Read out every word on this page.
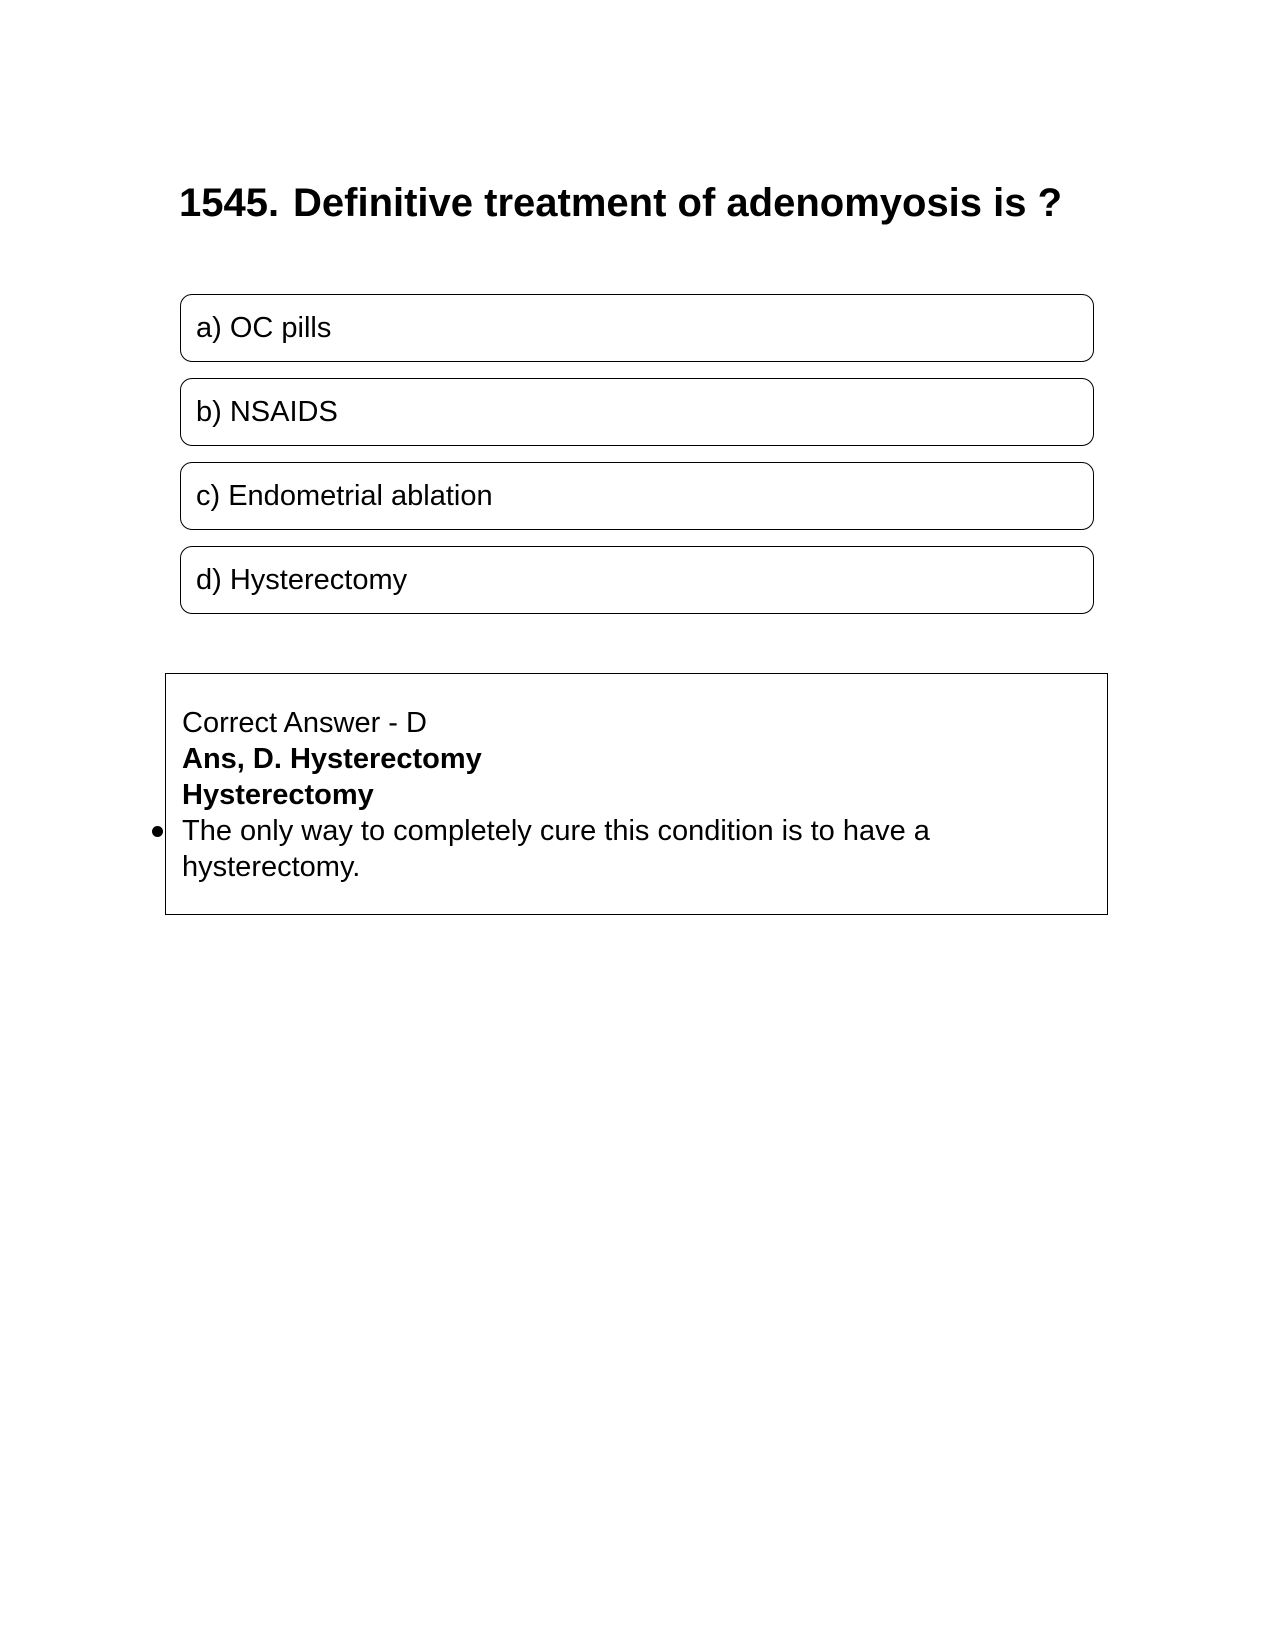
1545. Definitive treatment of adenomyosis is ?
a) OC pills
b) NSAIDS
c) Endometrial ablation
d) Hysterectomy
Correct Answer - D
Ans, D. Hysterectomy
Hysterectomy
The only way to completely cure this condition is to have a hysterectomy.
